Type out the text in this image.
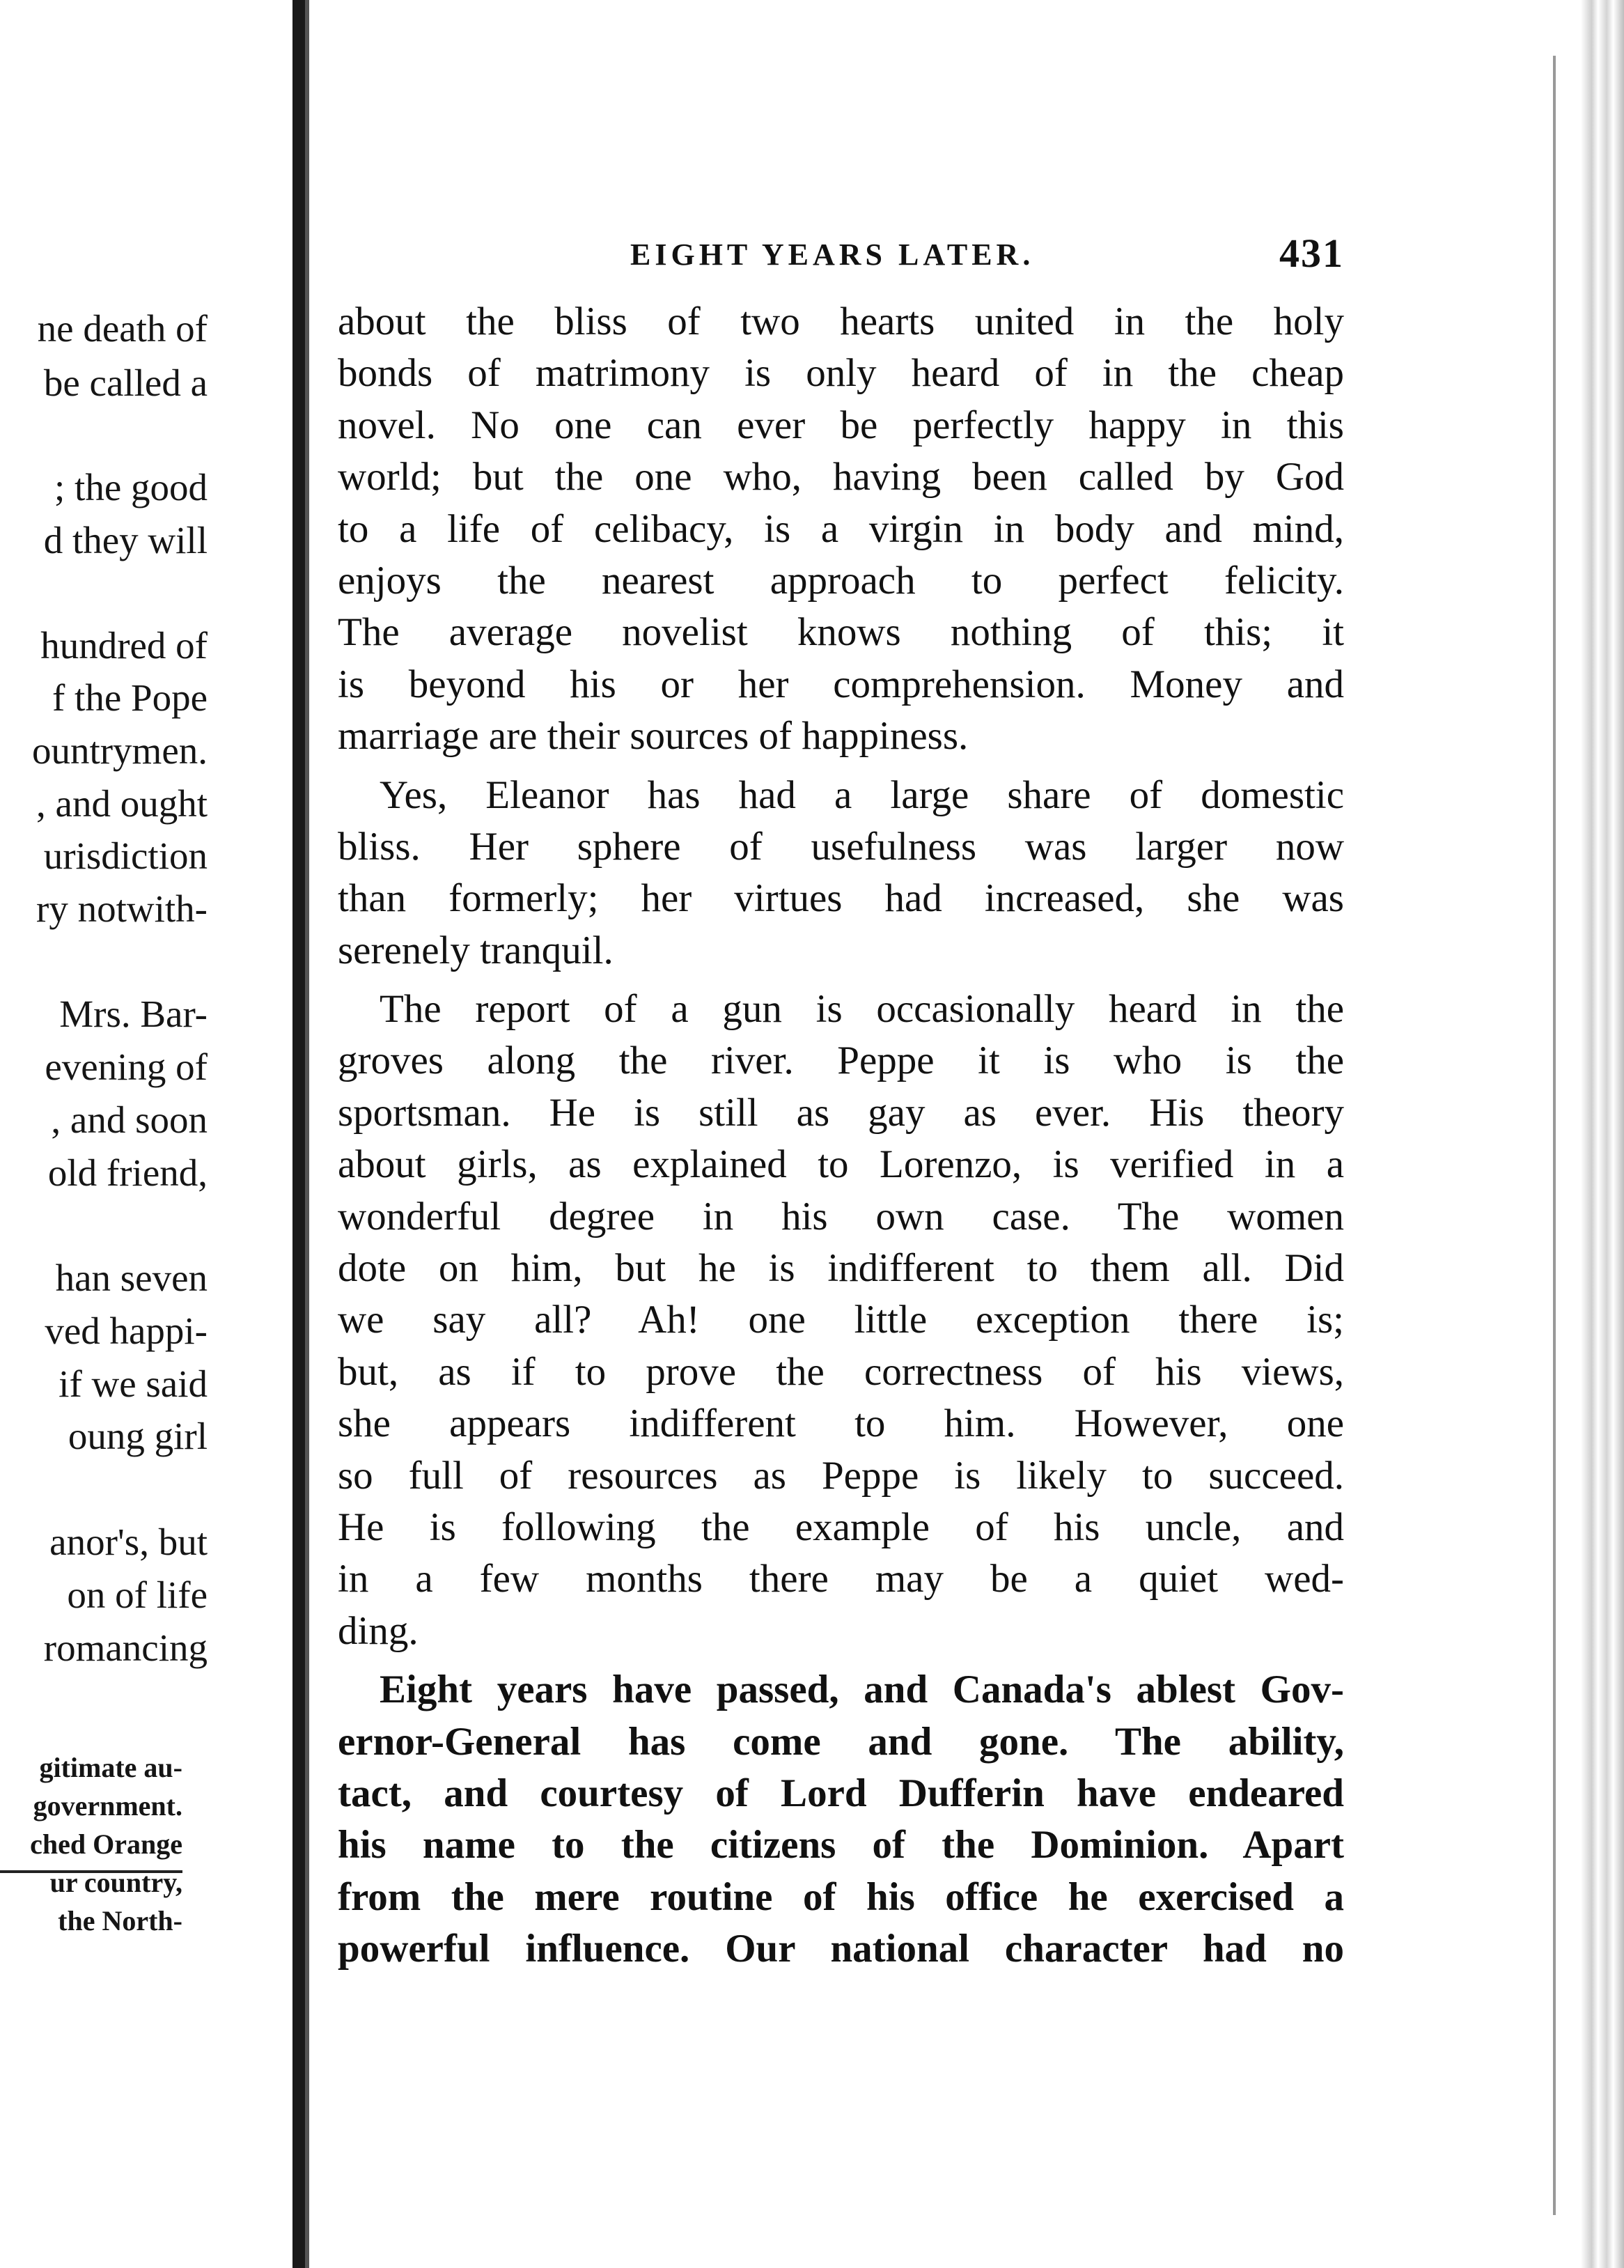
ne death of
be called a
; the good
d they will
hundred of
f the Pope
ountrymen.
, and ought
urisdiction
ry notwith-
Mrs. Bar-
evening of
, and soon
old friend,
han seven
ved happi-
if we said
oung girl
anor's, but
on of life
romancing
gitimate au-
government.
ched Orange
ur country,
the North-
EIGHT YEARS LATER.	431
about the bliss of two hearts united in the holy
bonds of matrimony is only heard of in the cheap
novel. No one can ever be perfectly happy in this
world; but the one who, having been called by God
to a life of celibacy, is a virgin in body and mind,
enjoys the nearest approach to perfect felicity.
The average novelist knows nothing of this; it
is beyond his or her comprehension. Money and
marriage are their sources of happiness.
Yes, Eleanor has had a large share of domestic
bliss. Her sphere of usefulness was larger now
than formerly; her virtues had increased, she was
serenely tranquil.
The report of a gun is occasionally heard in the
groves along the river. Peppe it is who is the
sportsman. He is still as gay as ever. His theory
about girls, as explained to Lorenzo, is verified in a
wonderful degree in his own case. The women
dote on him, but he is indifferent to them all. Did
we say all? Ah! one little exception there is;
but, as if to prove the correctness of his views,
she appears indifferent to him. However, one
so full of resources as Peppe is likely to succeed.
He is following the example of his uncle, and
in a few months there may be a quiet wed-
ding.
Eight years have passed, and Canada's ablest Gov-
ernor-General has come and gone. The ability,
tact, and courtesy of Lord Dufferin have endeared
his name to the citizens of the Dominion. Apart
from the mere routine of his office he exercised a
powerful influence. Our national character had no
